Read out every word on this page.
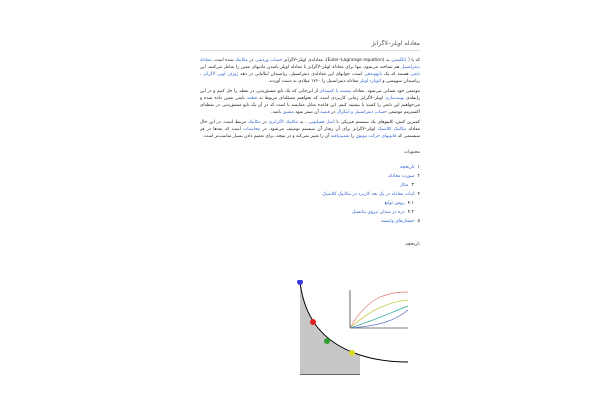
معادله اویلر–لاگرانژ

که یا ( انگلیسی به (Euler–Lagrange equation)، معادله‌ی اویلر–لاگرانژ حساب وردشی در مکانیک شده است. معادلهٔ دیفرانسیل هم شناخته می‌شود، تنها برای معادلهٔ اویلر–لاگرانژ یا معادله اویلر نامیدن مادیهای معین را شامل می‌کنند، این تابعی هستند که یک تابع‌وندهی است، جوابهای این معادله‌ی دیفرانسیل، ریاضیدان ایتالیایی در دهه ژوزف لویی لاگرانژ ، ریاضیدان سوییسی و لئونارد اویلر معادله دیفرانسیل را ۱۷۶۰ میلادی به دست آوردند.

موضعی خود شماتی می‌شود. معادله بیشینه یا کمینه‌ای از این‌جایی که یک تابع مشتق‌پذیر، در نقطه را حل کنیم و در این رابطه‌ی بهینه‌سازی اویلر–لاگرانژ زمانی کاربردی است که بخواهیم مسئله‌ای مربوط به قطعه تابعی معین داده شده و می‌خواهیم این تابعی را کمینه یا بیشینه کنیم. این قاعده مثابل مقایسه با است که در آن یک تابع مشتق‌پذیر، در نقطه‌ای اکسترمم موضعی حساب دیفرانسیل و انتگرال در قضیه آن صفر شود مشتق باشد.

کمترین کنش، کلیتوهای یک سیستم فیزیکی با اصل همیلتونی ، به مکانیک لاگرانژی در مکانیک مرتبط است. در این حال معادله مکانیک کلاسیک اویلر–لاگرانژ برای آن رفتار آن سیستم توصیف می‌شود. در محاسبات است که بعدها در فر سیستمی که قانونهای حرکت نیوتون را تعمیم‌یافته آن را تغییر نمی‌کند و در نتیجه، برای تعمیم دادن بسیار مناسب‌تر است.

محتویات
۱تاریخچه
۲صورت معادله
۳مثال
۴اثبات معادله در یک بعد کاربرد در مکانیک کلاسیک
۴.۱روش توابع
۴.۲ذره در میدان نیروی پتانسیل
۵جستارهای وابسته
تاریخچه
